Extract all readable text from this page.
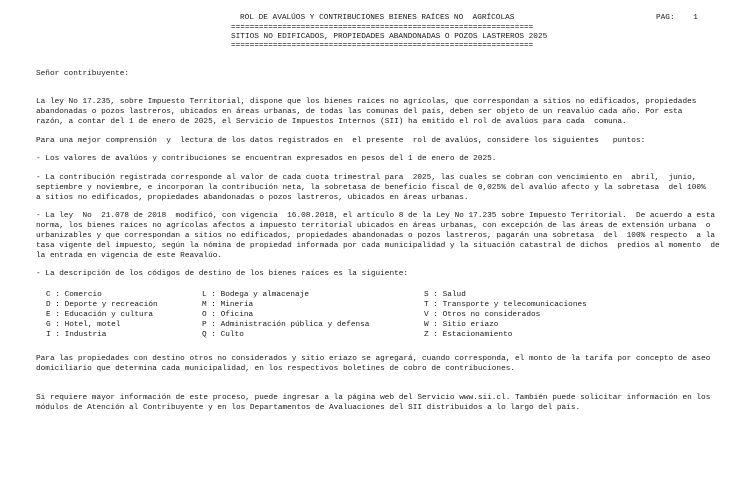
ROL DE AVALÚOS Y CONTRIBUCIONES BIENES RAÍCES NO  AGRÍCOLAS	PAG:    1
=================================================================
SITIOS NO EDIFICADOS, PROPIEDADES ABANDONADAS O POZOS LASTREROS 2025
=================================================================
Señor contribuyente:
La ley No 17.235, sobre Impuesto Territorial, dispone que los bienes raíces no agrícolas, que correspondan a sitios no edificados, propiedades
abandonadas o pozos lastreros, ubicados en áreas urbanas, de todas las comunas del país, deben ser objeto de un reavalúo cada año. Por esta
razón, a contar del 1 de enero de 2025, el Servicio de Impuestos Internos (SII) ha emitido el rol de avalúos para cada  comuna.
Para una mejor comprensión  y  lectura de los datos registrados en  el presente  rol de avalúos, considere los siguientes   puntos:
- Los valores de avalúos y contribuciones se encuentran expresados en pesos del 1 de enero de 2025.
- La contribución registrada corresponde al valor de cada cuota trimestral para  2025, las cuales se cobran con vencimiento en  abril,  junio,
septiembre y noviembre, e incorporan la contribución neta, la sobretasa de beneficio fiscal de 0,025% del avalúo afecto y la sobretasa  del 100%
a sitios no edificados, propiedades abandonadas o pozos lastreros, ubicados en áreas urbanas.
- La ley  No  21.078 de 2018  modificó, con vigencia  16.08.2018, el artículo 8 de la Ley No 17.235 sobre Impuesto Territorial.  De acuerdo a esta
norma, los bienes raíces no agrícolas afectos a impuesto territorial ubicados en áreas urbanas, con excepción de las áreas de extensión urbana  o
urbanizables y que correspondan a sitios no edificados, propiedades abandonadas o pozos lastreros, pagarán una sobretasa  del  100% respecto  a la
tasa vigente del impuesto, según la nómina de propiedad informada por cada municipalidad y la situación catastral de dichos  predios al momento  de
la entrada en vigencia de este Reavalúo.
- La descripción de los códigos de destino de los bienes raíces es la siguiente:
C : Comercio
D : Deporte y recreación
E : Educación y cultura
G : Hotel, motel
I : Industria
L : Bodega y almacenaje
M : Minería
O : Oficina
P : Administración pública y defensa
Q : Culto
S : Salud
T : Transporte y telecomunicaciones
V : Otros no considerados
W : Sitio eriazo
Z : Estacionamiento
Para las propiedades con destino otros no considerados y sitio eriazo se agregará, cuando corresponda, el monto de la tarifa por concepto de aseo
domiciliario que determina cada municipalidad, en los respectivos boletines de cobro de contribuciones.
Si requiere mayor información de este proceso, puede ingresar a la página web del Servicio www.sii.cl. También puede solicitar información en los
módulos de Atención al Contribuyente y en los Departamentos de Avaluaciones del SII distribuidos a lo largo del país.
